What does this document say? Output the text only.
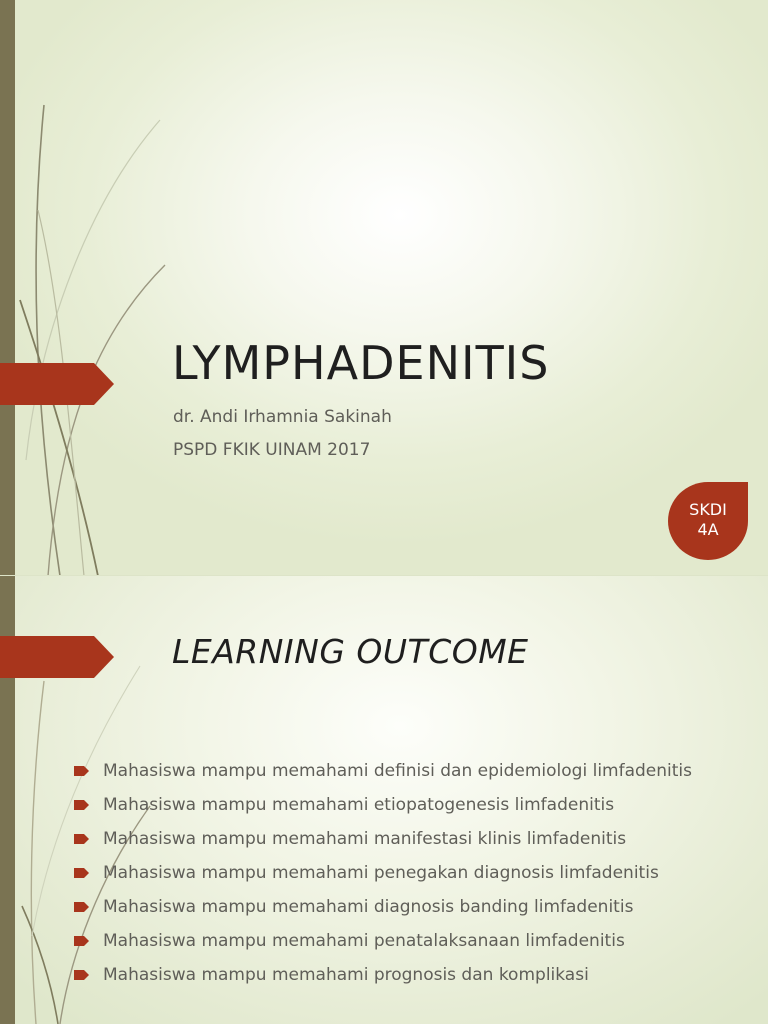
LYMPHADENITIS
dr. Andi Irhamnia Sakinah
PSPD FKIK UINAM 2017
SKDI
4A
LEARNING OUTCOME
Mahasiswa mampu memahami definisi dan epidemiologi limfadenitis
Mahasiswa mampu memahami etiopatogenesis limfadenitis
Mahasiswa mampu memahami manifestasi klinis limfadenitis
Mahasiswa mampu memahami penegakan diagnosis limfadenitis
Mahasiswa mampu memahami diagnosis banding limfadenitis
Mahasiswa mampu memahami penatalaksanaan limfadenitis
Mahasiswa mampu memahami prognosis dan komplikasi
